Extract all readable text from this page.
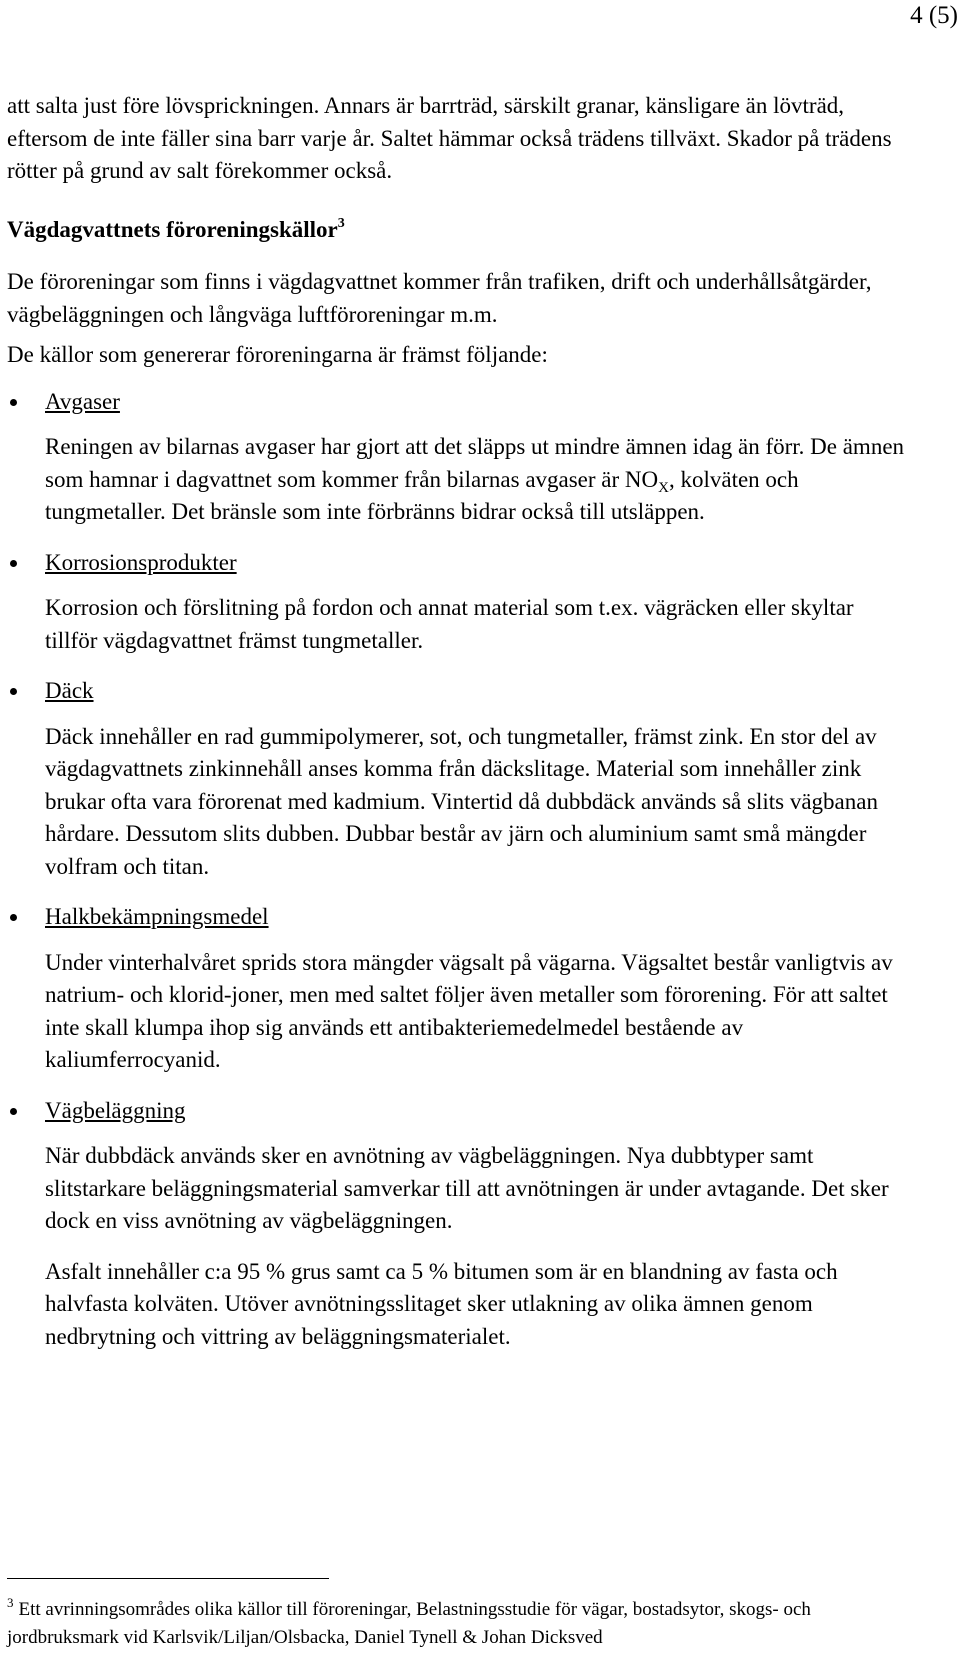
4 (5)

att salta just före lövsprickningen. Annars är barrträd, särskilt granar, känsligare än lövträd, eftersom de inte fäller sina barr varje år. Saltet hämmar också trädens tillväxt. Skador på trädens rötter på grund av salt förekommer också.

Vägdagvattnets föroreningskällor$^3$

De föroreningar som finns i vägdagvattnet kommer från trafiken, drift och underhållsåtgärder, vägbeläggningen och långväga luftföroreningar m.m.

De källor som genererar föroreningarna är främst följande:

Avgaser

Reningen av bilarnas avgaser har gjort att det släpps ut mindre ämnen idag än förr. De ämnen som hamnar i dagvattnet som kommer från bilarnas avgaser är $NO_X$, kolväten och tungmetaller. Det bränsle som inte förbränns bidrar också till utsläppen.

Korrosionsprodukter

Korrosion och förslitning på fordon och annat material som t.ex. vägräcken eller skyltar tillför vägdagvattnet främst tungmetaller.

Däck

Däck innehåller en rad gummipolymerer, sot, och tungmetaller, främst zink. En stor del av vägdagvattnets zinkinnehåll anses komma från däckslitage. Material som innehåller zink brukar ofta vara förorenat med kadmium. Vintertid då dubbdäck används så slits vägbanan hårdare. Dessutom slits dubben. Dubbar består av järn och aluminium samt små mängder volfram och titan.

Halkbekämpningsmedel

Under vinterhalvåret sprids stora mängder vägsalt på vägarna. Vägsaltet består vanligtvis av natrium- och klorid-joner, men med saltet följer även metaller som förorening. För att saltet inte skall klumpa ihop sig används ett antibakteriemedelmedel bestående av kaliumferrocyanid.

Vägbeläggning

När dubbdäck används sker en avnötning av vägbeläggningen. Nya dubbtyper samt slitstarkare beläggningsmaterial samverkar till att avnötningen är under avtagande. Det sker dock en viss avnötning av vägbeläggningen.

Asfalt innehåller c:a 95 % grus samt ca 5 % bitumen som är en blandning av fasta och halvfasta kolväten. Utöver avnötningsslitaget sker utlakning av olika ämnen genom nedbrytning och vittring av beläggningsmaterialet.

$^3$ Ett avrinningsområdes olika källor till föroreningar, Belastningsstudie för vägar, bostadsytor, skogs- och jordbruksmark vid Karlsvik/Liljan/Olsbacka, Daniel Tynell & Johan Dicksved
